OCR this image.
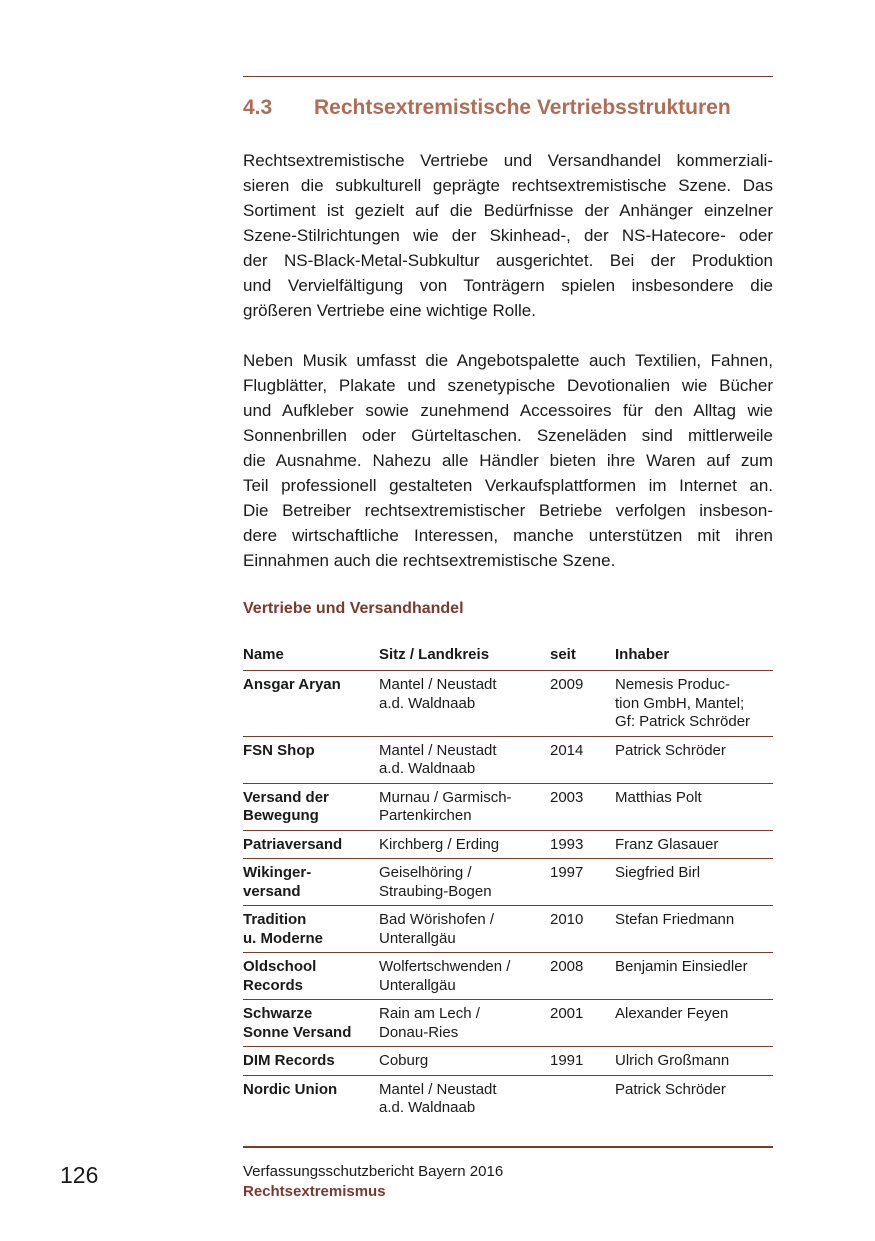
4.3 Rechtsextremistische Vertriebsstrukturen
Rechtsextremistische Vertriebe und Versandhandel kommerziali-
sieren die subkulturell geprägte rechtsextremistische Szene. Das
Sortiment ist gezielt auf die Bedürfnisse der Anhänger einzelner
Szene-Stilrichtungen wie der Skinhead-, der NS-Hatecore- oder
der NS-Black-Metal-Subkultur ausgerichtet. Bei der Produktion
und Vervielfältigung von Tonträgern spielen insbesondere die
größeren Vertriebe eine wichtige Rolle.
Neben Musik umfasst die Angebotspalette auch Textilien, Fahnen,
Flugblätter, Plakate und szenetypische Devotionalien wie Bücher
und Aufkleber sowie zunehmend Accessoires für den Alltag wie
Sonnenbrillen oder Gürteltaschen. Szeneläden sind mittlerweile
die Ausnahme. Nahezu alle Händler bieten ihre Waren auf zum
Teil professionell gestalteten Verkaufsplattformen im Internet an.
Die Betreiber rechtsextremistischer Betriebe verfolgen insbeson-
dere wirtschaftliche Interessen, manche unterstützen mit ihren
Einnahmen auch die rechtsextremistische Szene.
Vertriebe und Versandhandel
Name	Sitz / Landkreis	seit	Inhaber

Ansgar Aryan	Mantel / Neustadt
a.d. Waldnaab	2009	Nemesis Produc-
tion GmbH, Mantel;
Gf: Patrick Schröder

FSN Shop	Mantel / Neustadt
a.d. Waldnaab	2014	Patrick Schröder

Versand der
Bewegung	Murnau / Garmisch-
Partenkirchen	2003	Matthias Polt

Patriaversand	Kirchberg / Erding	1993	Franz Glasauer

Wikinger-
versand	Geiselhöring /
Straubing-Bogen	1997	Siegfried Birl

Tradition
u. Moderne	Bad Wörishofen /
Unterallgäu	2010	Stefan Friedmann

Oldschool
Records	Wolfertschwenden /
Unterallgäu	2008	Benjamin Einsiedler

Schwarze
Sonne Versand	Rain am Lech /
Donau-Ries	2001	Alexander Feyen

DIM Records	Coburg	1991	Ulrich Großmann

Nordic Union	Mantel / Neustadt
a.d. Waldnaab		Patrick Schröder
126	Verfassungsschutzbericht Bayern 2016
Rechtsextremismus
